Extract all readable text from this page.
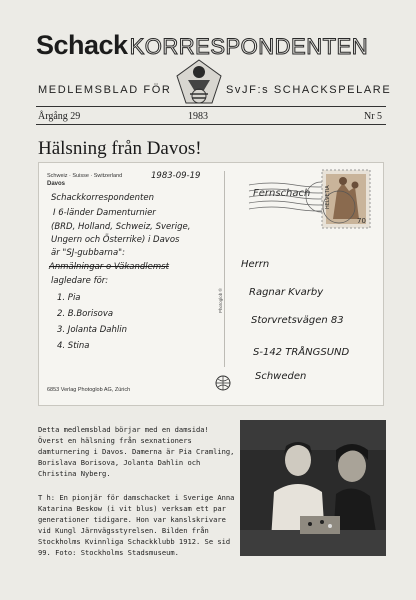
SchackKORRESPONDENTEN
MEDLEMSBLAD FÖR	SvJF:s SCHACKSPELARE
Årgång 29	1983	Nr 5
Hälsning från Davos!
Schweiz · Suisse · Switzerland
Davos
1983-09-19
Schackkorrespondenten
I 6-länder Damenturnier
(BRD, Holland, Schweiz, Sverige,
Ungern och Österrike) i Davos
är "SJ-gubbarna":
Anmälningar o Väkandlemst
lagledare för:
1. Pia
2. B.Borisova
3. Jolanta Dahlin
4. Stina
Photoglob ®
Fernschach	HELVETIA
70
Herrn
Ragnar Kvarby
Storvretsvägen 83
S-142 TRÅNGSUND
Schweden
6853 Verlag Photoglob AG, Zürich
Detta medlemsblad börjar med en damsida! Överst en hälsning från sexnationers damturnering i Davos. Damerna är Pia Cramling, Borislava Borisova, Jolanta Dahlin och Christina Nyberg.
T h: En pionjär för damschacket i Sverige Anna Katarina Beskow (i vit blus) verksam ett par generationer tidigare. Hon var kanslskrivare vid Kungl Järnvägsstyrelsen. Bilden från Stockholms Kvinnliga Schackklubb 1912. Se sid 99. Foto: Stockholms Stadsmuseum.
